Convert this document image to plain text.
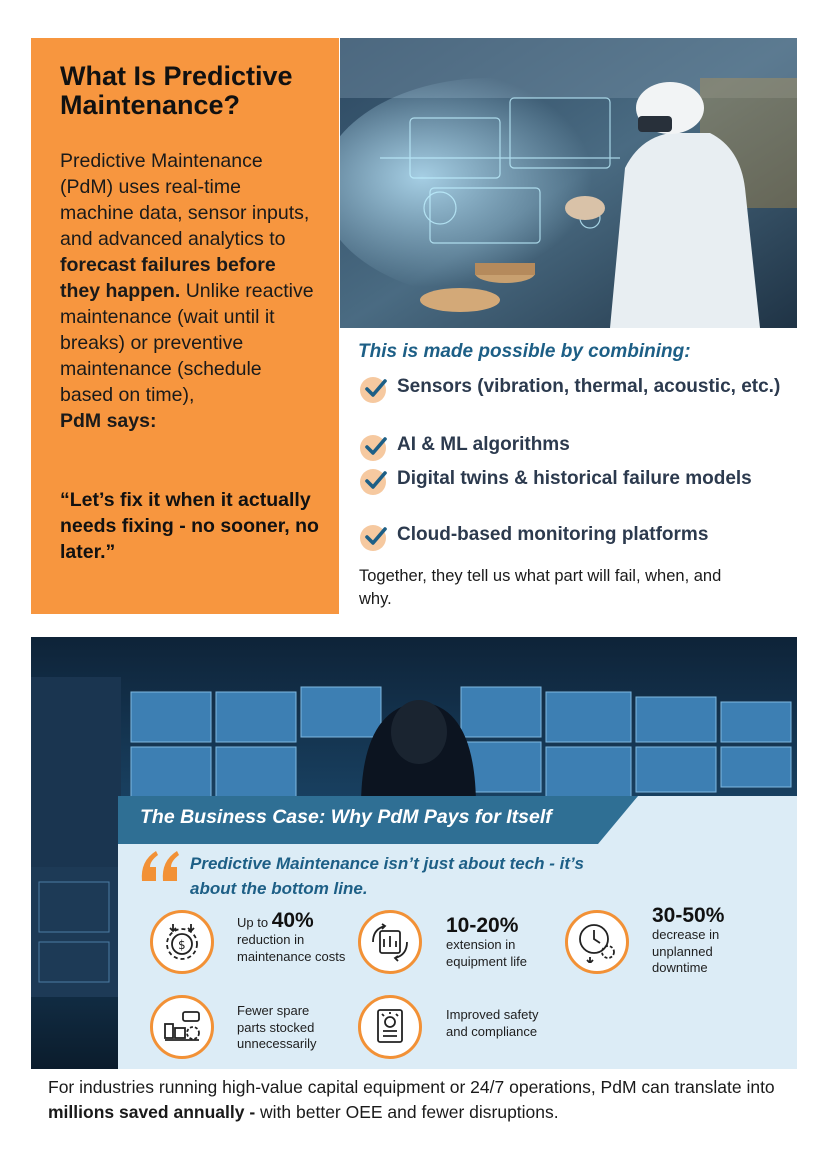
What Is Predictive Maintenance?
Predictive Maintenance (PdM) uses real-time machine data, sensor inputs, and advanced analytics to forecast failures before they happen. Unlike reactive maintenance (wait until it breaks) or preventive maintenance (schedule based on time),
PdM says:
“Let’s fix it when it actually needs fixing - no sooner, no later.”
This is made possible by combining:
Sensors (vibration, thermal, acoustic, etc.)
AI & ML algorithms
Digital twins & historical failure models
Cloud-based monitoring platforms
Together, they tell us what part will fail, when, and why.
The Business Case: Why PdM Pays for Itself
Predictive Maintenance isn’t just about tech - it’s about the bottom line.
$
Up to 40%
reduction in maintenance costs
10-20%
extension in equipment life
30-50%
decrease in unplanned downtime
Fewer spare parts stocked unnecessarily
Improved safety and compliance
For industries running high-value capital equipment or 24/7 operations, PdM can translate into millions saved annually - with better OEE and fewer disruptions.
